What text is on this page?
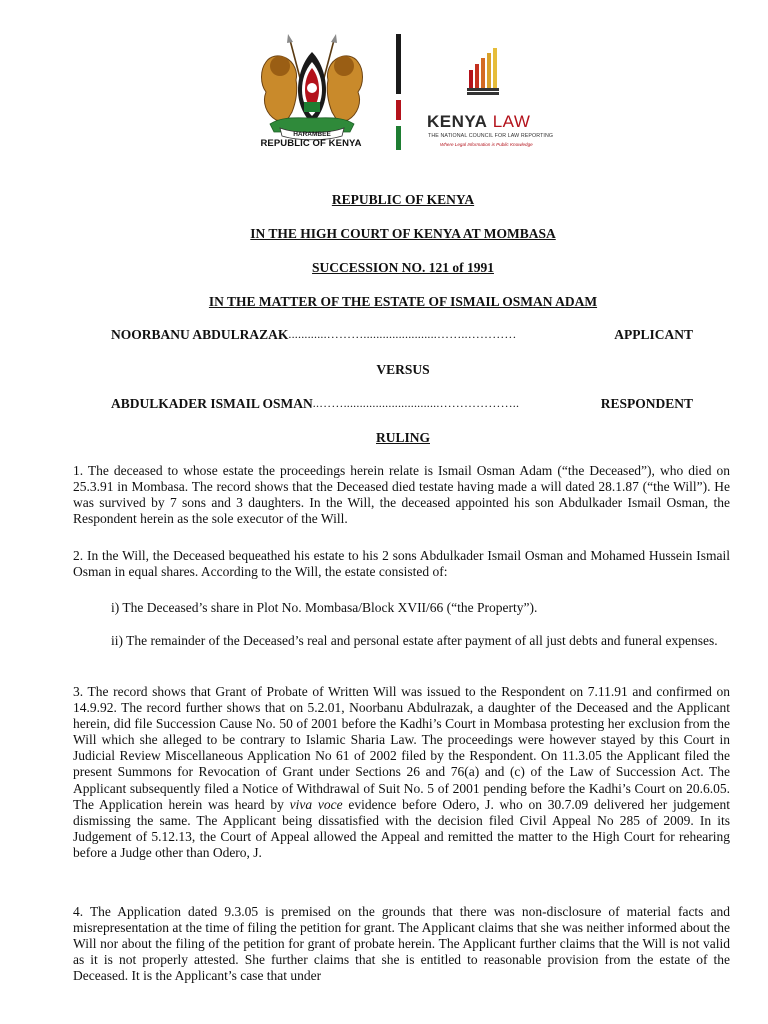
HARAMBEE
REPUBLIC OF KENYA
KENYA LAW
THE NATIONAL COUNCIL FOR LAW REPORTING
Where Legal Information is Public Knowledge
REPUBLIC OF KENYA
IN THE HIGH COURT OF KENYA AT MOMBASA
SUCCESSION NO. 121 of 1991
IN THE MATTER OF THE ESTATE OF ISMAIL OSMAN ADAM
NOORBANU ABDULRAZAK ............……….......................……..…………	APPLICANT
VERSUS
ABDULKADER ISMAIL OSMAN ..……..............................………………..	RESPONDENT
RULING

1. The deceased to whose estate the proceedings herein relate is Ismail Osman Adam (“the Deceased”), who died on 25.3.91 in Mombasa. The record shows that the Deceased died testate having made a will dated 28.1.87 (“the Will”). He was survived by 7 sons and 3 daughters. In the Will, the deceased appointed his son Abdulkader Ismail Osman, the Respondent herein as the sole executor of the Will.

2. In the Will, the Deceased bequeathed his estate to his 2 sons Abdulkader Ismail Osman and Mohamed Hussein Ismail Osman in equal shares. According to the Will, the estate consisted of:

i) The Deceased’s share in Plot No. Mombasa/Block XVII/66 (“the Property”).

ii) The remainder of the Deceased’s real and personal estate after payment of all just debts and funeral expenses.

3. The record shows that Grant of Probate of Written Will was issued to the Respondent on 7.11.91 and confirmed on 14.9.92. The record further shows that on 5.2.01, Noorbanu Abdulrazak, a daughter of the Deceased and the Applicant herein, did file Succession Cause No. 50 of 2001 before the Kadhi’s Court in Mombasa protesting her exclusion from the Will which she alleged to be contrary to Islamic Sharia Law. The proceedings were however stayed by this Court in Judicial Review Miscellaneous Application No 61 of 2002 filed by the Respondent. On 11.3.05 the Applicant filed the present Summons for Revocation of Grant under Sections 26 and 76(a) and (c) of the Law of Succession Act. The Applicant subsequently filed a Notice of Withdrawal of Suit No. 5 of 2001 pending before the Kadhi’s Court on 20.6.05. The Application herein was heard by viva voce evidence before Odero, J. who on 30.7.09 delivered her judgement dismissing the same. The Applicant being dissatisfied with the decision filed Civil Appeal No 285 of 2009. In its Judgement of 5.12.13, the Court of Appeal allowed the Appeal and remitted the matter to the High Court for rehearing before a Judge other than Odero, J.

4. The Application dated 9.3.05 is premised on the grounds that there was non-disclosure of material facts and misrepresentation at the time of filing the petition for grant. The Applicant claims that she was neither informed about the Will nor about the filing of the petition for grant of probate herein. The Applicant further claims that the Will is not valid as it is not properly attested. She further claims that she is entitled to reasonable provision from the estate of the Deceased. It is the Applicant’s case that under
